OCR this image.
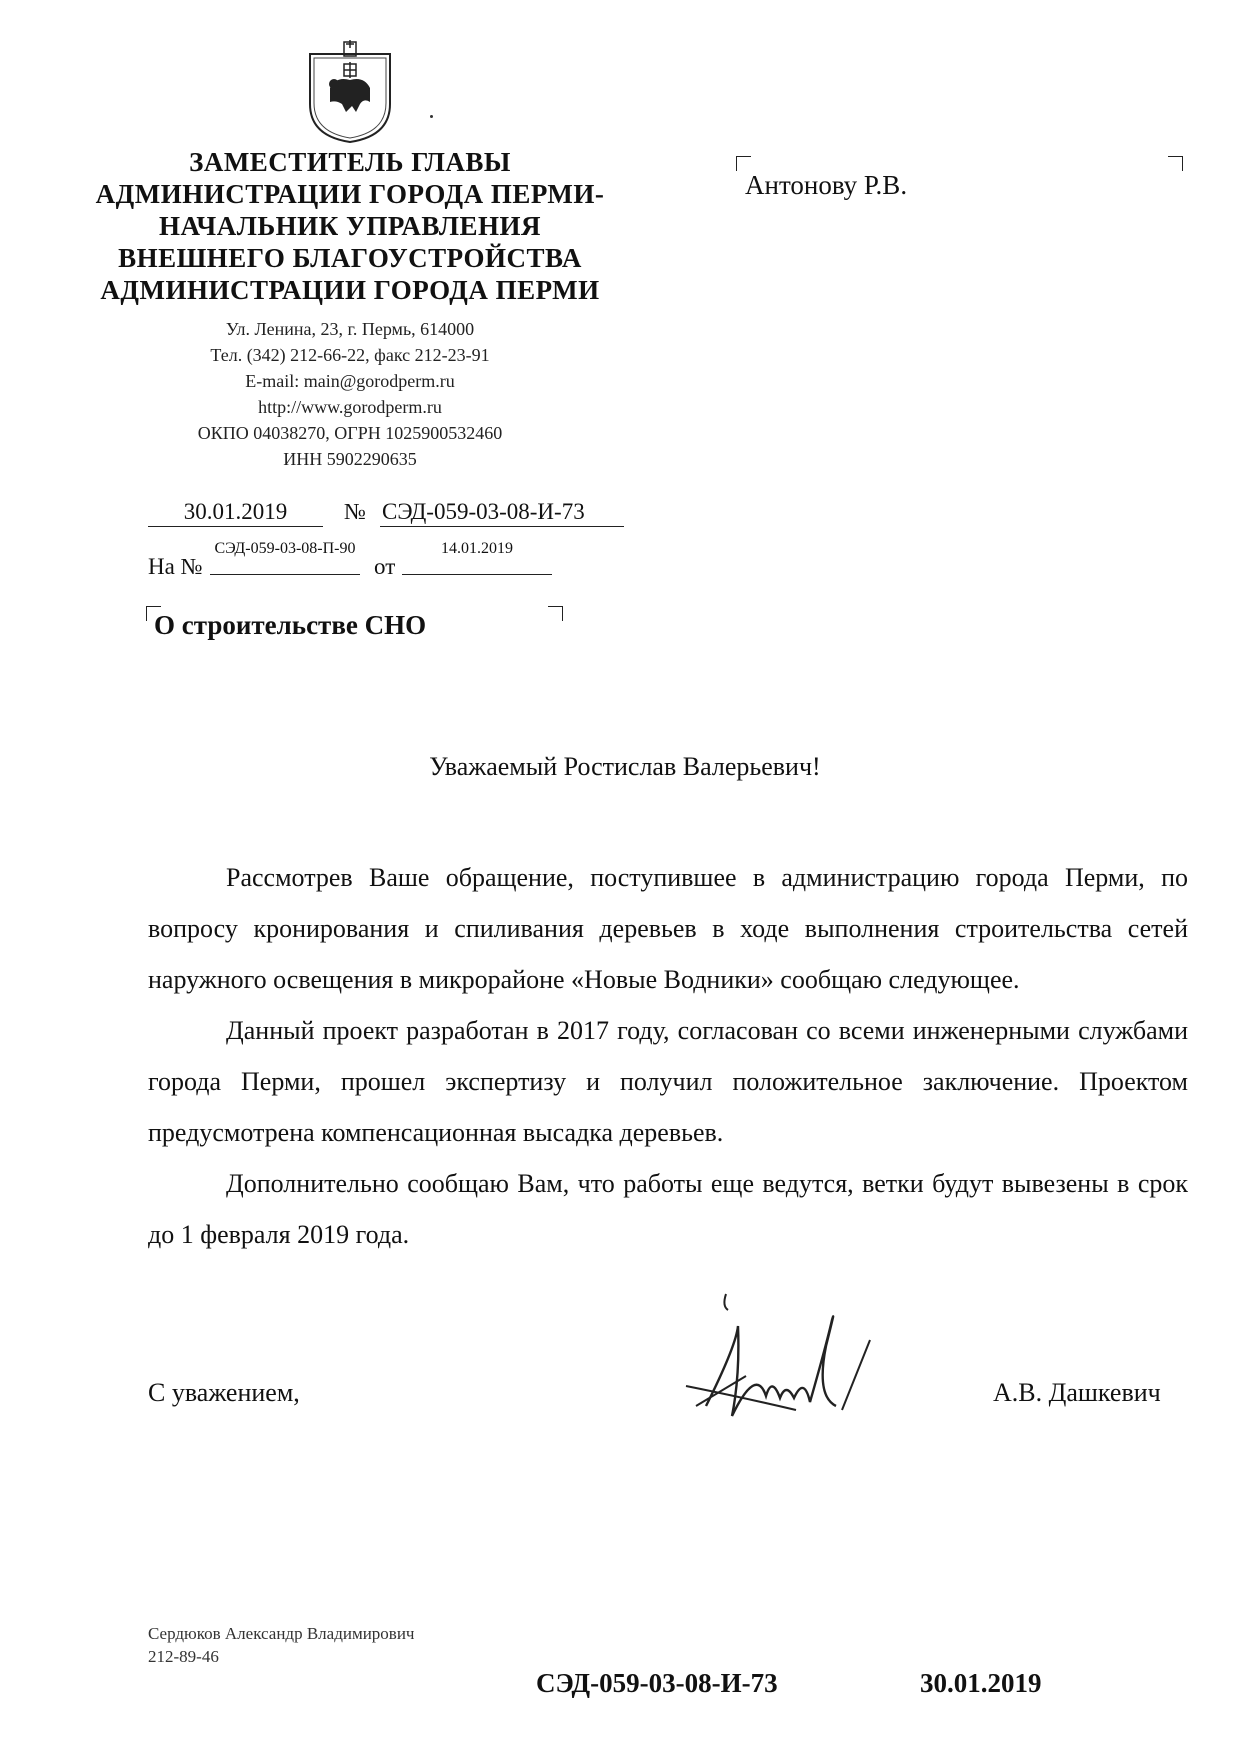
ЗАМЕСТИТЕЛЬ ГЛАВЫ
АДМИНИСТРАЦИИ ГОРОДА ПЕРМИ-
НАЧАЛЬНИК УПРАВЛЕНИЯ
ВНЕШНЕГО БЛАГОУСТРОЙСТВА
АДМИНИСТРАЦИИ ГОРОДА ПЕРМИ
Ул. Ленина, 23, г. Пермь, 614000
Тел. (342) 212-66-22, факс 212-23-91
E-mail: main@gorodperm.ru
http://www.gorodperm.ru
ОКПО 04038270, ОГРН 1025900532460
ИНН 5902290635
Антонову Р.В.
30.01.2019	№ СЭД-059-03-08-И-73
На №
СЭД-059-03-08-П-90
от
14.01.2019
О строительстве СНО
Уважаемый Ростислав Валерьевич!

Рассмотрев Ваше обращение, поступившее в администрацию города Перми, по вопросу кронирования и спиливания деревьев в ходе выполнения строительства сетей наружного освещения в микрорайоне «Новые Водники» сообщаю следующее.

Данный проект разработан в 2017 году, согласован со всеми инженерными службами города Перми, прошел экспертизу и получил положительное заключение. Проектом предусмотрена компенсационная высадка деревьев.

Дополнительно сообщаю Вам, что работы еще ведутся, ветки будут вывезены в срок до 1 февраля 2019 года.

С уважением,	А.В. Дашкевич
Сердюков Александр Владимирович
212-89-46
СЭД-059-03-08-И-73	30.01.2019
